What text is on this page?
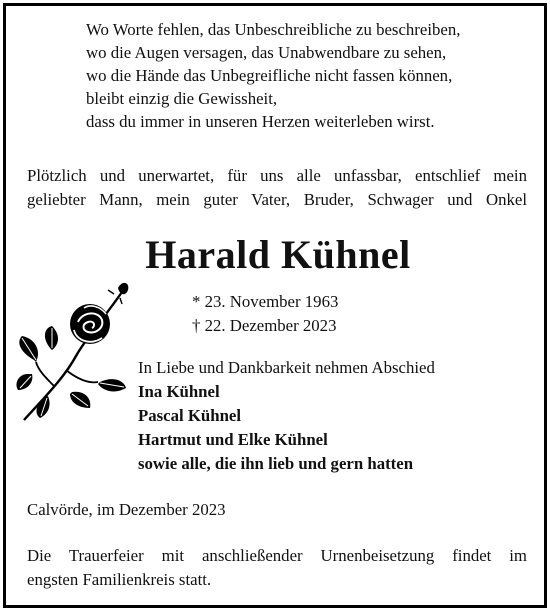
Wo Worte fehlen, das Unbeschreibliche zu beschreiben,
wo die Augen versagen, das Unabwendbare zu sehen,
wo die Hände das Unbegreifliche nicht fassen können,
bleibt einzig die Gewissheit,
dass du immer in unseren Herzen weiterleben wirst.
Plötzlich und unerwartet, für uns alle unfassbar, entschlief mein
geliebter Mann, mein guter Vater, Bruder, Schwager und Onkel
Harald Kühnel
* 23. November 1963
† 22. Dezember 2023
In Liebe und Dankbarkeit nehmen Abschied
Ina Kühnel
Pascal Kühnel
Hartmut und Elke Kühnel
sowie alle, die ihn lieb und gern hatten
Calvörde, im Dezember 2023
Die Trauerfeier mit anschließender Urnenbeisetzung findet im
engsten Familienkreis statt.
